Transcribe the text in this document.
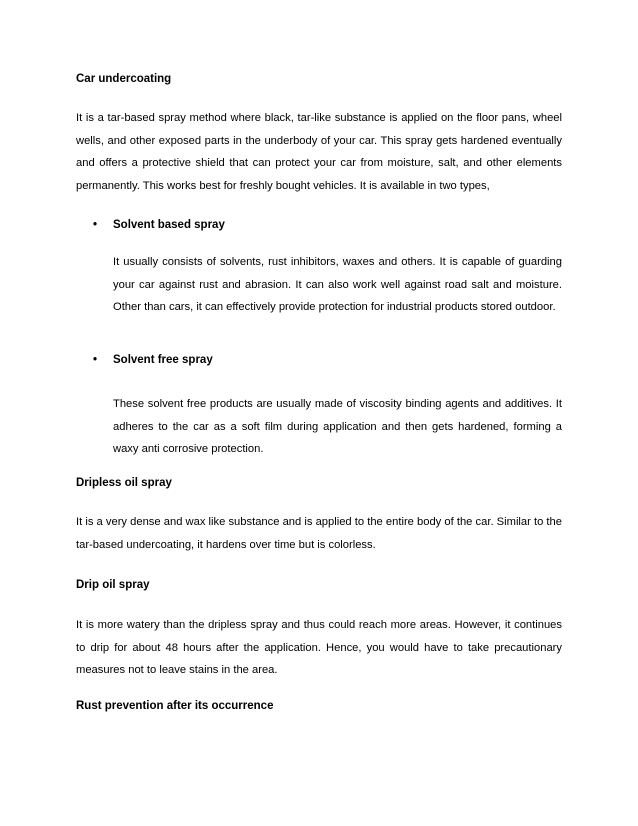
Car undercoating
It is a tar-based spray method where black, tar-like substance is applied on the floor pans, wheel wells, and other exposed parts in the underbody of your car. This spray gets hardened eventually and offers a protective shield that can protect your car from moisture, salt, and other elements permanently. This works best for freshly bought vehicles. It is available in two types,
• Solvent based spray
It usually consists of solvents, rust inhibitors, waxes and others. It is capable of guarding your car against rust and abrasion. It can also work well against road salt and moisture. Other than cars, it can effectively provide protection for industrial products stored outdoor.
• Solvent free spray
These solvent free products are usually made of viscosity binding agents and additives. It adheres to the car as a soft film during application and then gets hardened, forming a waxy anti corrosive protection.
Dripless oil spray
It is a very dense and wax like substance and is applied to the entire body of the car. Similar to the tar-based undercoating, it hardens over time but is colorless.
Drip oil spray
It is more watery than the dripless spray and thus could reach more areas. However, it continues to drip for about 48 hours after the application. Hence, you would have to take precautionary measures not to leave stains in the area.
Rust prevention after its occurrence
